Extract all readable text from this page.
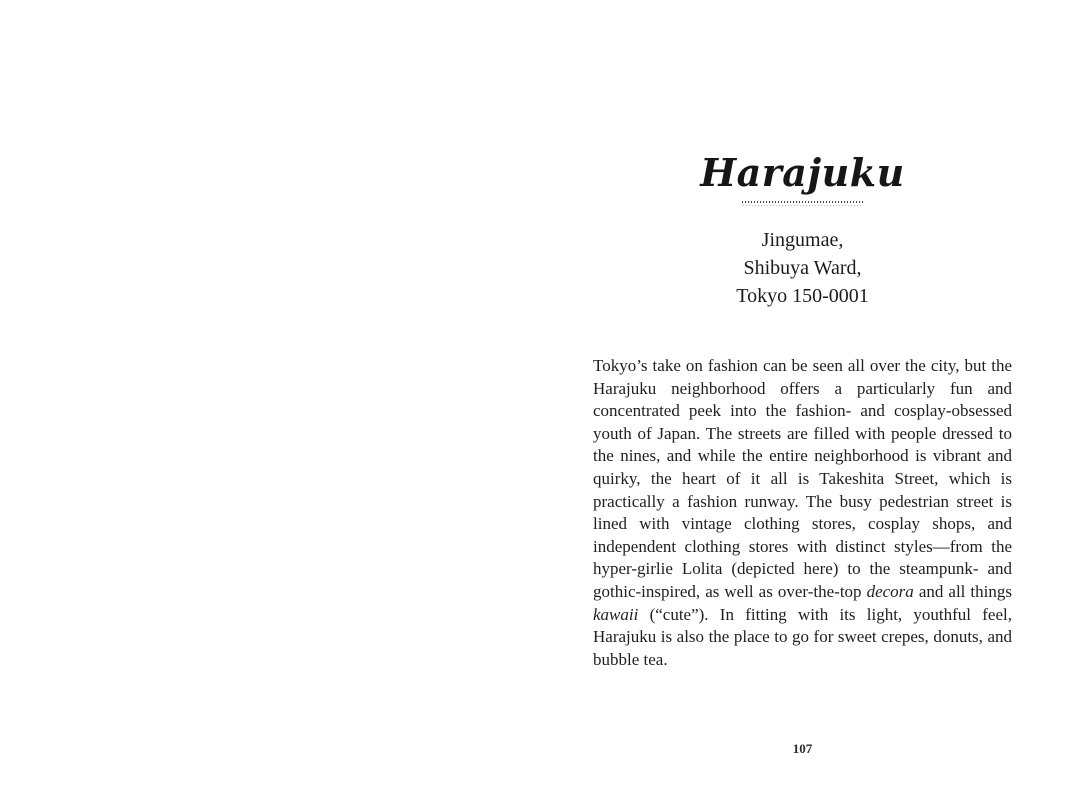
Harajuku
Jingumae,
Shibuya Ward,
Tokyo 150-0001

Tokyo’s take on fashion can be seen all over the city, but the Harajuku neighborhood offers a particularly fun and concentrated peek into the fashion- and cosplay-obsessed youth of Japan. The streets are filled with people dressed to the nines, and while the entire neighborhood is vibrant and quirky, the heart of it all is Takeshita Street, which is practically a fashion runway. The busy pedestrian street is lined with vintage clothing stores, cosplay shops, and independent clothing stores with distinct styles—from the hyper-girlie Lolita (depicted here) to the steampunk- and gothic-inspired, as well as over-the-top decora and all things kawaii (“cute”). In fitting with its light, youthful feel, Harajuku is also the place to go for sweet crepes, donuts, and bubble tea.

107
